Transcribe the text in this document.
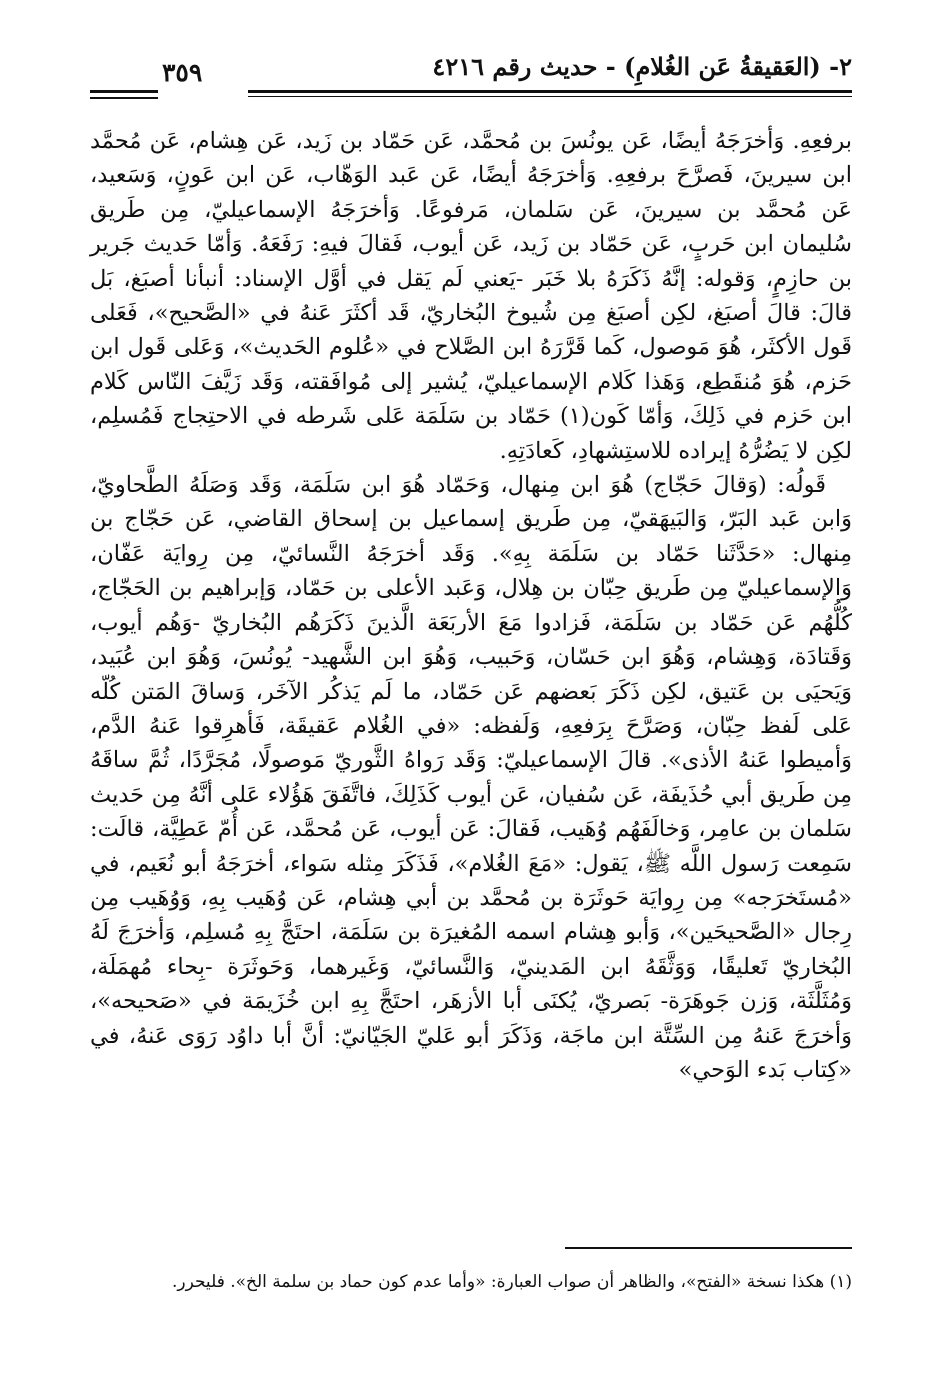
٢- (العَقيقةُ عَن الغُلامِ) - حديث رقم ٤٢١٦
٣٥٩

برفعِهِ. وَأخرَجَهُ أيضًا، عَن يونُسَ بن مُحمَّد، عَن حَمّاد بن زَيد، عَن هِشام، عَن مُحمَّد ابن سيرينَ، فَصرَّحَ برفعِهِ. وَأخرَجَهُ أيضًا، عَن عَبد الوَهّاب، عَن ابن عَونٍ، وَسَعيد، عَن مُحمَّد بن سيرينَ، عَن سَلمان، مَرفوعًا. وَأخرَجَهُ الإسماعيليّ، مِن طَريق سُليمان ابن حَربٍ، عَن حَمّاد بن زَيد، عَن أيوب، فَقالَ فيهِ: رَفَعَهُ. وَأمّا حَديث جَرير بن حازِمٍ، وَقوله: إنَّهُ ذَكَرَهُ بلا خَبَر -يَعني لَم يَقل في أوَّل الإسناد: أنبأنا أصبَغ، بَل قالَ: قالَ أصبَغ، لكِن أصبَغ مِن شُيوخ البُخاريّ، قَد أكثَرَ عَنهُ في «الصَّحيح»، فَعَلى قَول الأكثَر، هُوَ مَوصول، كَما قَرَّرَهُ ابن الصَّلاح في «عُلوم الحَديث»، وَعَلى قَول ابن حَزم، هُوَ مُنقَطِع، وَهَذا كَلام الإسماعيليّ، يُشير إلى مُوافَقته، وَقَد زَيَّفَ النّاس كَلام ابن حَزم في ذَلِكَ، وَأمّا كَون(١) حَمّاد بن سَلَمَة عَلى شَرطه في الاحتِجاج فَمُسلِم، لكِن لا يَضُرُّهُ إيراده للاستِشهادِ، كَعادَتِهِ.

قَولُه: (وَقالَ حَجّاج) هُوَ ابن مِنهال، وَحَمّاد هُوَ ابن سَلَمَة، وَقَد وَصَلَهُ الطَّحاويّ، وَابن عَبد البَرّ، وَالبَيهَقيّ، مِن طَريق إسماعيل بن إسحاق القاضي، عَن حَجّاج بن مِنهال: «حَدَّثَنا حَمّاد بن سَلَمَة بِهِ». وَقَد أخرَجَهُ النَّسائيّ، مِن رِوايَة عَفّان، وَالإسماعيليّ مِن طَريق حِبّان بن هِلال، وَعَبد الأعلى بن حَمّاد، وَإبراهيم بن الحَجّاج، كُلُّهُم عَن حَمّاد بن سَلَمَة، فَزادوا مَعَ الأربَعَة الَّذينَ ذَكَرَهُم البُخاريّ -وَهُم أيوب، وَقَتادَة، وَهِشام، وَهُوَ ابن حَسّان، وَحَبيب، وَهُوَ ابن الشَّهيد- يُونُسَ، وَهُوَ ابن عُبَيد، وَيَحيَى بن عَتيق، لكِن ذَكَرَ بَعضهم عَن حَمّاد، ما لَم يَذكُر الآخَر، وَساقَ المَتن كُلّه عَلى لَفظ حِبّان، وَصَرَّحَ بِرَفعِهِ، وَلَفظه: «في الغُلام عَقيقَة، فَأهرِقوا عَنهُ الدَّم، وَأميطوا عَنهُ الأذى». قالَ الإسماعيليّ: وَقَد رَواهُ الثَّوريّ مَوصولًا، مُجَرَّدًا، ثُمَّ ساقَهُ مِن طَريق أبي حُذَيفَة، عَن سُفيان، عَن أيوب كَذَلِكَ، فاتَّفَقَ هَؤُلاء عَلى أنَّهُ مِن حَديث سَلمان بن عامِر، وَخالَفَهُم وُهَيب، فَقالَ: عَن أيوب، عَن مُحمَّد، عَن أُمّ عَطِيَّة، قالَت: سَمِعت رَسول اللَّه ﷺ، يَقول: «مَعَ الغُلام»، فَذَكَرَ مِثله سَواء، أخرَجَهُ أبو نُعَيم، في «مُستَخرَجه» مِن رِوايَة حَوثَرَة بن مُحمَّد بن أبي هِشام، عَن وُهَيب بِهِ، وَوُهَيب مِن رِجال «الصَّحيحَين»، وَأبو هِشام اسمه المُغيرَة بن سَلَمَة، احتَجَّ بِهِ مُسلِم، وَأخرَجَ لَهُ البُخاريّ تَعليقًا، وَوَثَّقَهُ ابن المَدينيّ، وَالنَّسائيّ، وَغَيرهما، وَحَوثَرَة -بِحاء مُهمَلَة، وَمُثَلَّثَة، وَزن جَوهَرَة- بَصريّ، يُكنَى أبا الأزهَر، احتَجَّ بِهِ ابن خُزَيمَة في «صَحيحه»، وَأخرَجَ عَنهُ مِن السِّتَّة ابن ماجَة، وَذَكَرَ أبو عَليّ الجَيّانيّ: أنَّ أبا داوُد رَوَى عَنهُ، في «كِتاب بَدء الوَحي»

(١) هكذا نسخة «الفتح»، والظاهر أن صواب العبارة: «وأما عدم كون حماد بن سلمة الخ». فليحرر.
